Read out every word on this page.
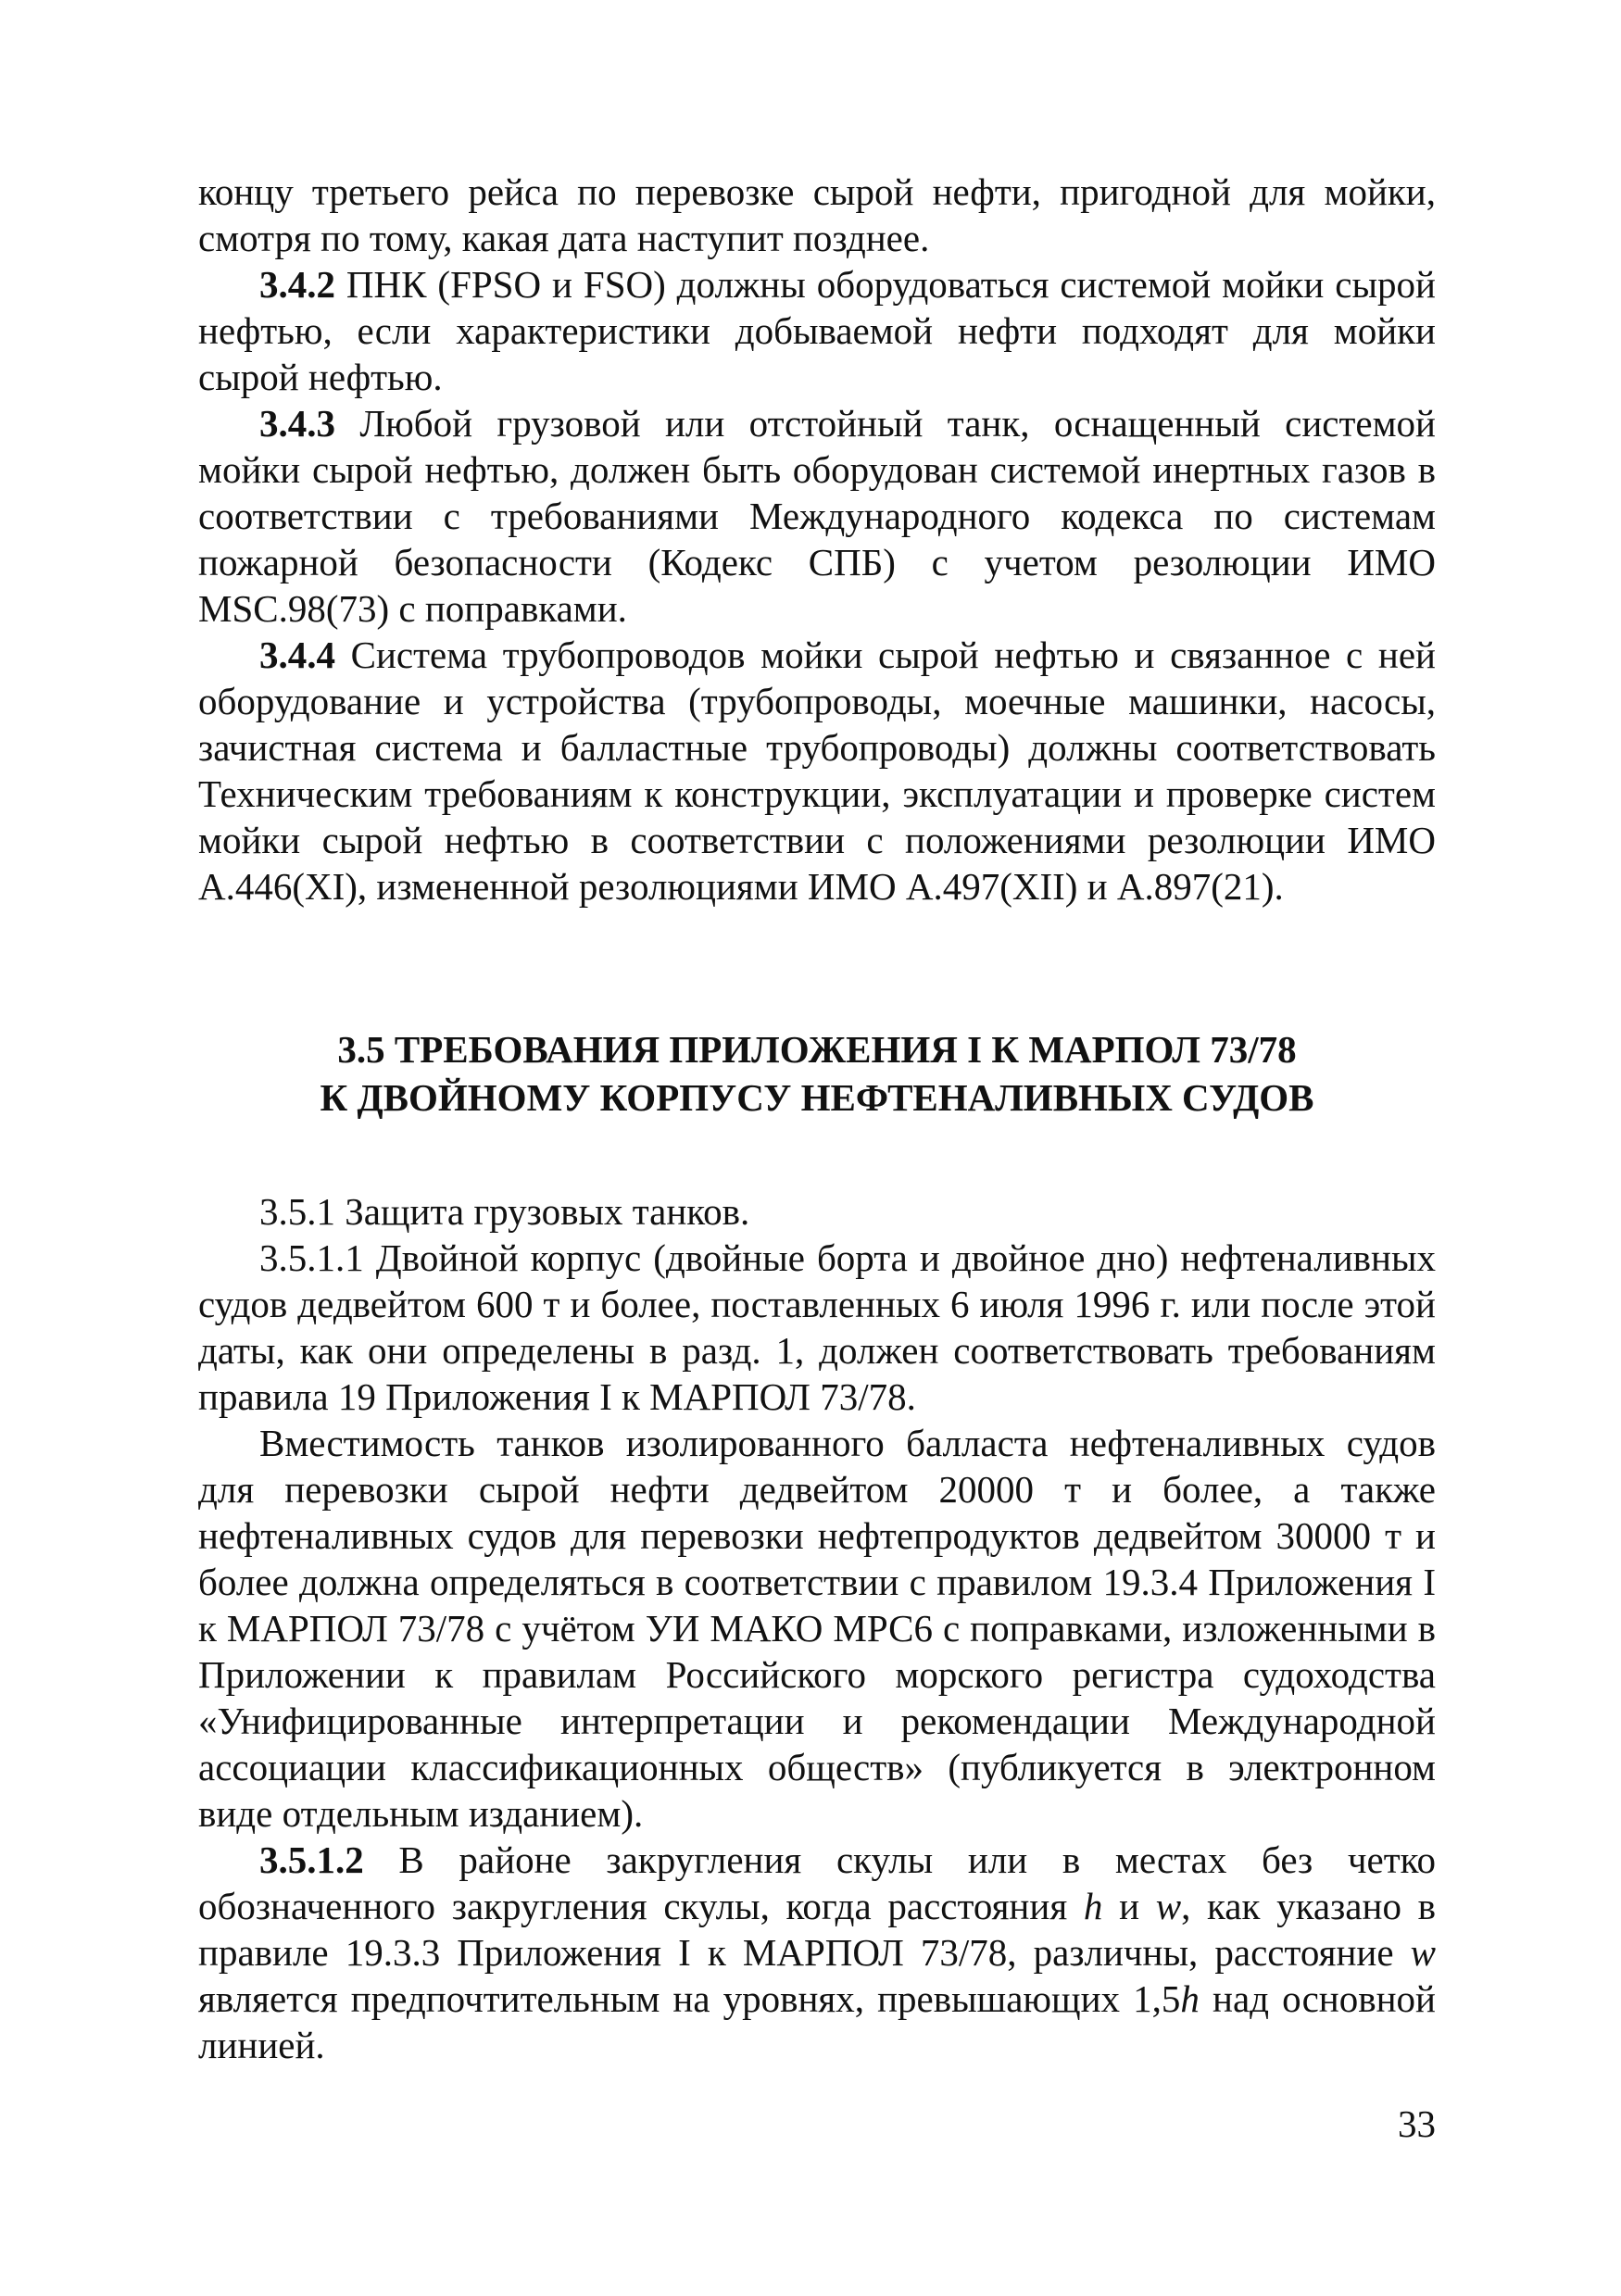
концу третьего рейса по перевозке сырой нефти, пригодной для мойки, смотря по тому, какая дата наступит позднее.

3.4.2 ПНК (FPSO и FSO) должны оборудоваться системой мойки сырой нефтью, если характеристики добываемой нефти подходят для мойки сырой нефтью.

3.4.3 Любой грузовой или отстойный танк, оснащенный системой мойки сырой нефтью, должен быть оборудован системой инертных газов в соответствии с требованиями Международного кодекса по системам пожарной безопасности (Кодекс СПБ) с учетом резолюции ИМО MSC.98(73) с поправками.

3.4.4 Система трубопроводов мойки сырой нефтью и связанное с ней оборудование и устройства (трубопроводы, моечные машинки, насосы, зачистная система и балластные трубопроводы) должны соответствовать Техническим требованиям к конструкции, эксплуатации и проверке систем мойки сырой нефтью в соответствии с положениями резолюции ИМО А.446(XI), измененной резолюциями ИМО А.497(XII) и А.897(21).

3.5 ТРЕБОВАНИЯ ПРИЛОЖЕНИЯ I К МАРПОЛ 73/78
К ДВОЙНОМУ КОРПУСУ НЕФТЕНАЛИВНЫХ СУДОВ

3.5.1 Защита грузовых танков.

3.5.1.1 Двойной корпус (двойные борта и двойное дно) нефтеналивных судов дедвейтом 600 т и более, поставленных 6 июля 1996 г. или после этой даты, как они определены в разд. 1, должен соответствовать требованиям правила 19 Приложения I к МАРПОЛ 73/78.

Вместимость танков изолированного балласта нефтеналивных судов для перевозки сырой нефти дедвейтом 20000 т и более, а также нефтеналивных судов для перевозки нефтепродуктов дедвейтом 30000 т и более должна определяться в соответствии с правилом 19.3.4 Приложения I к МАРПОЛ 73/78 с учётом УИ МАКО МРС6 с поправками, изложенными в Приложении к правилам Российского морского регистра судоходства «Унифицированные интерпретации и рекомендации Международной ассоциации классификационных обществ» (публикуется в электронном виде отдельным изданием).

3.5.1.2 В районе закругления скулы или в местах без четко обозначенного закругления скулы, когда расстояния h и w, как указано в правиле 19.3.3 Приложения I к МАРПОЛ 73/78, различны, расстояние w является предпочтительным на уровнях, превышающих 1,5h над основной линией.

33
